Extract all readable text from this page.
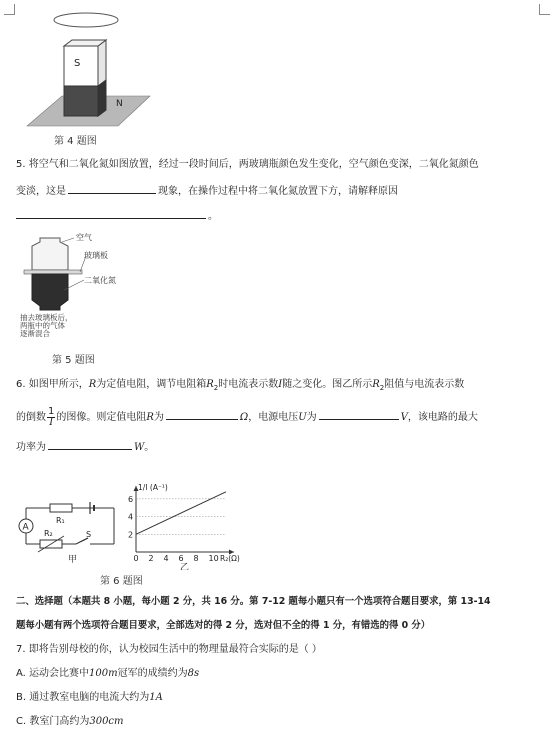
S
N
第 4 题图
5. 将空气和二氧化氮如图放置，经过一段时间后，两玻璃瓶颜色发生变化，空气颜色变深，二氧化氮颜色
变淡，这是	现象，在操作过程中将二氧化氮放置下方，请解释原因
。
空气
玻璃板
二氧化氮
抽去玻璃板后，
两瓶中的气体
逐渐混合
第 5 题图
6. 如图甲所示，R为定值电阻，调节电阻箱$R_2$时电流表示数I随之变化。图乙所示$R_2$阻值与电流表示数
的倒数 $\frac{1}{I}$ 的图像。则定值电阻R为	Ω，电源电压U为	V，该电路的最大
功率为	W。
A
R₁
R₂	S
甲	0 2 4 6 8 10
2
4
6
1/I (A⁻¹)
R₂(Ω)
乙
第 6 题图
二、选择题（本题共 8 小题，每小题 2 分，共 16 分。第 7-12 题每小题只有一个选项符合题目要求，第 13-14
题每小题有两个选项符合题目要求，全部选对的得 2 分，选对但不全的得 1 分，有错选的得 0 分）
7. 即将告别母校的你，认为校园生活中的物理量最符合实际的是（ ）
A. 运动会比赛中100m冠军的成绩约为8s
B. 通过教室电脑的电流大约为1A
C. 教室门高约为300cm
